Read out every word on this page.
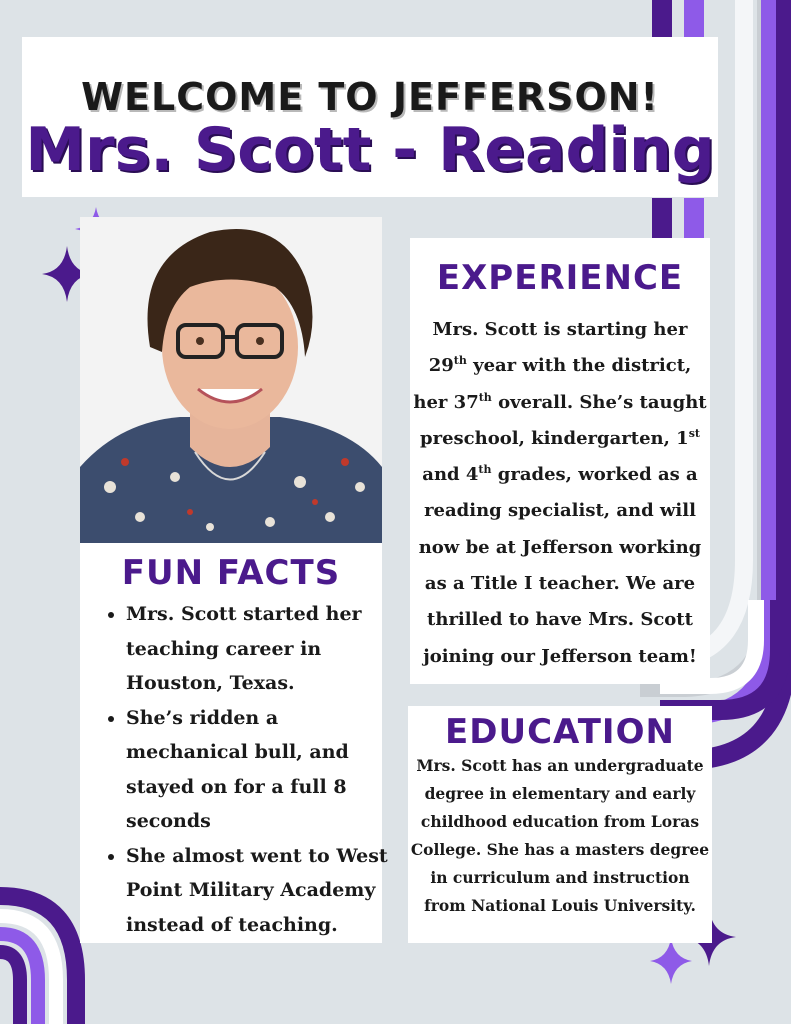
WELCOME TO JEFFERSON!
Mrs. Scott - Reading
FUN FACTS
• Mrs. Scott started her teaching career in Houston, Texas.
• She’s ridden a mechanical bull, and stayed on for a full 8 seconds
• She almost went to West Point Military Academy instead of teaching.
EXPERIENCE
Mrs. Scott is starting her 29th year with the district, her 37th overall. She’s taught preschool, kindergarten, 1st and 4th grades, worked as a reading specialist, and will now be at Jefferson working as a Title I teacher. We are thrilled to have Mrs. Scott joining our Jefferson team!
EDUCATION
Mrs. Scott has an undergraduate degree in elementary and early childhood education from Loras College. She has a masters degree in curriculum and instruction from National Louis University.
